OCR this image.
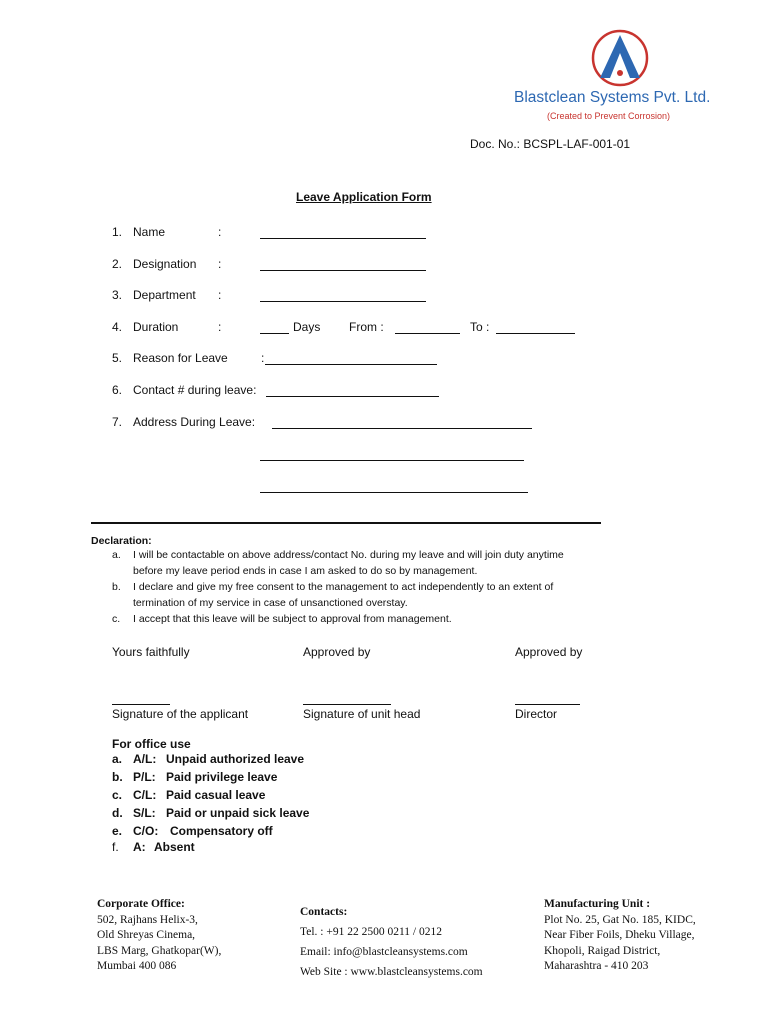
Blastclean Systems Pvt. Ltd.
(Created to Prevent Corrosion)
Doc. No.: BCSPL-LAF-001-01
Leave Application Form
1. Name	:
2. Designation :
3. Department :
4. Duration	:	Days From :	To :
5. Reason for Leave	:
6. Contact # during leave:
7. Address During Leave:
Declaration:
a. I will be contactable on above address/contact No. during my leave and will join duty anytime
before my leave period ends in case I am asked to do so by management.
b. I declare and give my free consent to the management to act independently to an extent of
termination of my service in case of unsanctioned overstay.
c. I accept that this leave will be subject to approval from management.
Yours faithfully	Approved by	Approved by
Signature of the applicant	Signature of unit head	Director
For office use
a. A/L: Unpaid authorized leave
b. P/L: Paid privilege leave
c. C/L: Paid casual leave
d. S/L: Paid or unpaid sick leave
e. C/O: Compensatory off
f. A: Absent
Corporate Office:
502, Rajhans Helix-3,
Old Shreyas Cinema,
LBS Marg, Ghatkopar(W),
Mumbai 400 086
Contacts:
Tel. : +91 22 2500 0211 / 0212
Email: info@blastcleansystems.com
Web Site : www.blastcleansystems.com
Manufacturing Unit :
Plot No. 25, Gat No. 185, KIDC,
Near Fiber Foils, Dheku Village,
Khopoli, Raigad District,
Maharashtra - 410 203
